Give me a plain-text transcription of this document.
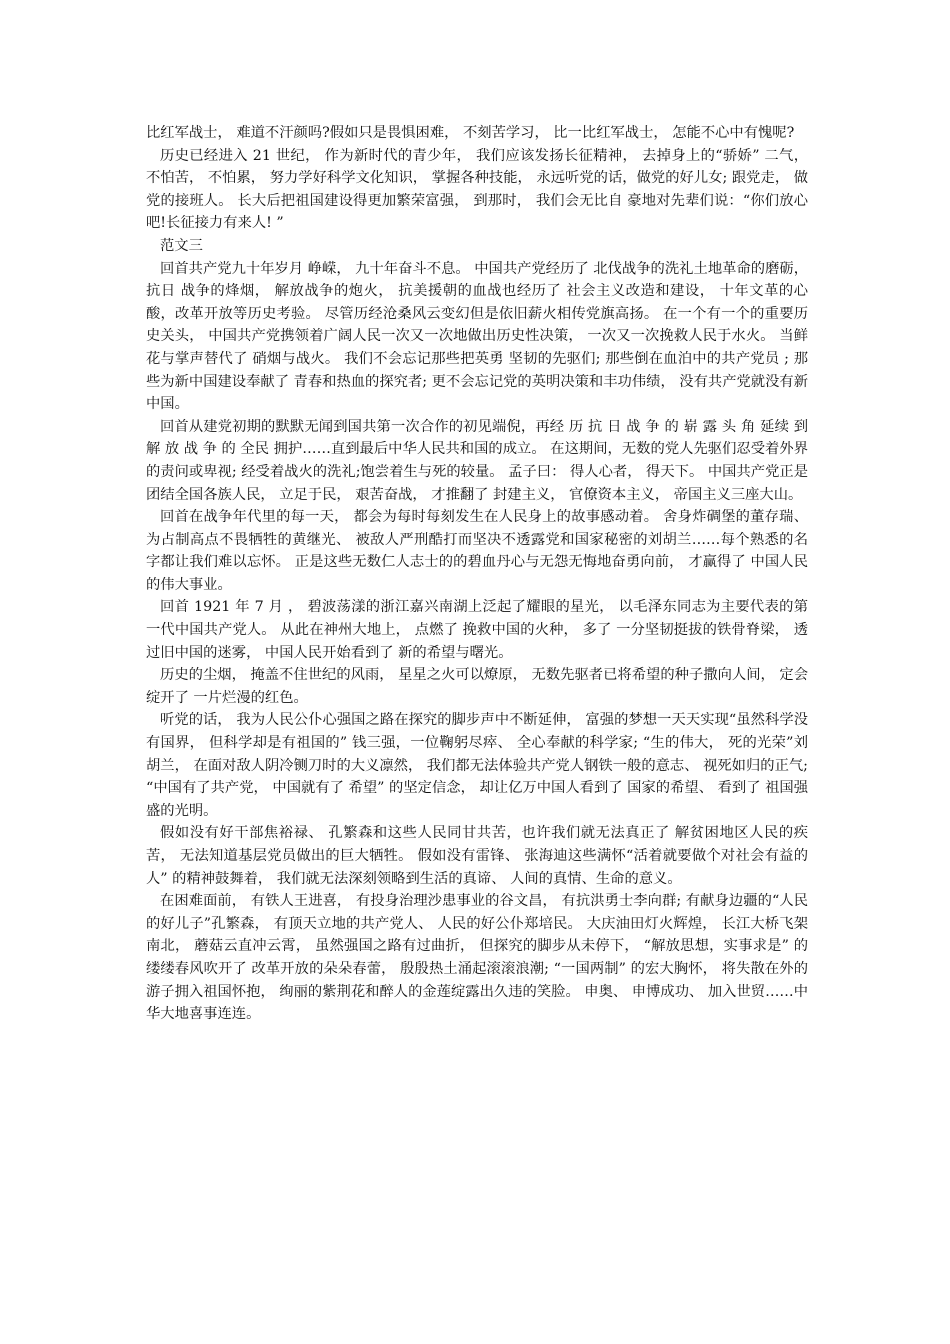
比红军战士， 难道不汗颜吗?假如只是畏惧困难， 不刻苦学习， 比一比红军战士， 怎能不心中有愧呢?

历史已经进入 21 世纪， 作为新时代的青少年， 我们应该发扬长征精神， 去掉身上的“骄娇” 二气， 不怕苦， 不怕累， 努力学好科学文化知识， 掌握各种技能， 永远听党的话，做党的好儿女; 跟党走， 做党的接班人。 长大后把祖国建设得更加繁荣富强， 到那时， 我们会无比自 豪地对先辈们说：“你们放心吧!长征接力有来人! ”

范文三

回首共产党九十年岁月 峥嵘， 九十年奋斗不息。 中国共产党经历了 北伐战争的洗礼土地革命的磨砺， 抗日 战争的烽烟， 解放战争的炮火， 抗美援朝的血战也经历了 社会主义改造和建设， 十年文革的心酸，改革开放等历史考验。 尽管历经沧桑风云变幻但是依旧薪火相传党旗高扬。 在一个有一个的重要历史关头， 中国共产党携领着广阔人民一次又一次地做出历史性决策， 一次又一次挽救人民于水火。 当鲜花与掌声替代了 硝烟与战火。 我们不会忘记那些把英勇 坚韧的先驱们; 那些倒在血泊中的共产党员 ; 那些为新中国建设奉献了 青春和热血的探究者; 更不会忘记党的英明决策和丰功伟绩， 没有共产党就没有新中国。

回首从建党初期的默默无闻到国共第一次合作的初见端倪，再经 历 抗 日 战 争 的 崭 露 头 角 延续 到 解 放 战 争 的 全民 拥护……直到最后中华人民共和国的成立。 在这期间，无数的党人先驱们忍受着外界的责问或卑视; 经受着战火的洗礼;饱尝着生与死的较量。 孟子曰： 得人心者， 得天下。 中国共产党正是团结全国各族人民， 立足于民， 艰苦奋战， 才推翻了 封建主义， 官僚资本主义， 帝国主义三座大山。

回首在战争年代里的每一天， 都会为每时每刻发生在人民身上的故事感动着。 舍身炸碉堡的董存瑞、 为占制高点不畏牺牲的黄继光、 被敌人严刑酷打而坚决不透露党和国家秘密的刘胡兰……每个熟悉的名字都让我们难以忘怀。 正是这些无数仁人志士的的碧血丹心与无怨无悔地奋勇向前， 才赢得了 中国人民的伟大事业。

回首 1921 年 7 月 ， 碧波荡漾的浙江嘉兴南湖上泛起了耀眼的星光， 以毛泽东同志为主要代表的第一代中国共产党人。 从此在神州大地上， 点燃了 挽救中国的火种， 多了 一分坚韧挺拔的铁骨脊梁， 透过旧中国的迷雾， 中国人民开始看到了 新的希望与曙光。

历史的尘烟， 掩盖不住世纪的风雨， 星星之火可以燎原， 无数先驱者已将希望的种子撒向人间， 定会绽开了 一片烂漫的红色。

听党的话， 我为人民公仆心强国之路在探究的脚步声中不断延伸， 富强的梦想一天天实现“虽然科学没有国界， 但科学却是有祖国的” 钱三强，一位鞠躬尽瘁、 全心奉献的科学家; “生的伟大， 死的光荣”刘胡兰， 在面对敌人阴冷铡刀时的大义凛然， 我们都无法体验共产党人钢铁一般的意志、 视死如归的正气; “中国有了共产党， 中国就有了 希望” 的坚定信念， 却让亿万中国人看到了 国家的希望、 看到了 祖国强盛的光明。

假如没有好干部焦裕禄、 孔繁森和这些人民同甘共苦，也许我们就无法真正了 解贫困地区人民的疾苦， 无法知道基层党员做出的巨大牺牲。 假如没有雷锋、 张海迪这些满怀“活着就要做个对社会有益的人” 的精神鼓舞着， 我们就无法深刻领略到生活的真谛、 人间的真情、生命的意义。

在困难面前， 有铁人王进喜， 有投身治理沙患事业的谷文昌， 有抗洪勇士李向群; 有献身边疆的“人民的好儿子”孔繁森， 有顶天立地的共产党人、 人民的好公仆郑培民。 大庆油田灯火辉煌， 长江大桥飞架南北， 蘑菇云直冲云霄， 虽然强国之路有过曲折， 但探究的脚步从未停下， “解放思想，实事求是” 的缕缕春风吹开了 改革开放的朵朵春蕾， 殷殷热土涌起滚滚浪潮; “一国两制” 的宏大胸怀， 将失散在外的游子拥入祖国怀抱， 绚丽的紫荆花和醉人的金莲绽露出久违的笑脸。 申奥、 申博成功、 加入世贸……中华大地喜事连连。
